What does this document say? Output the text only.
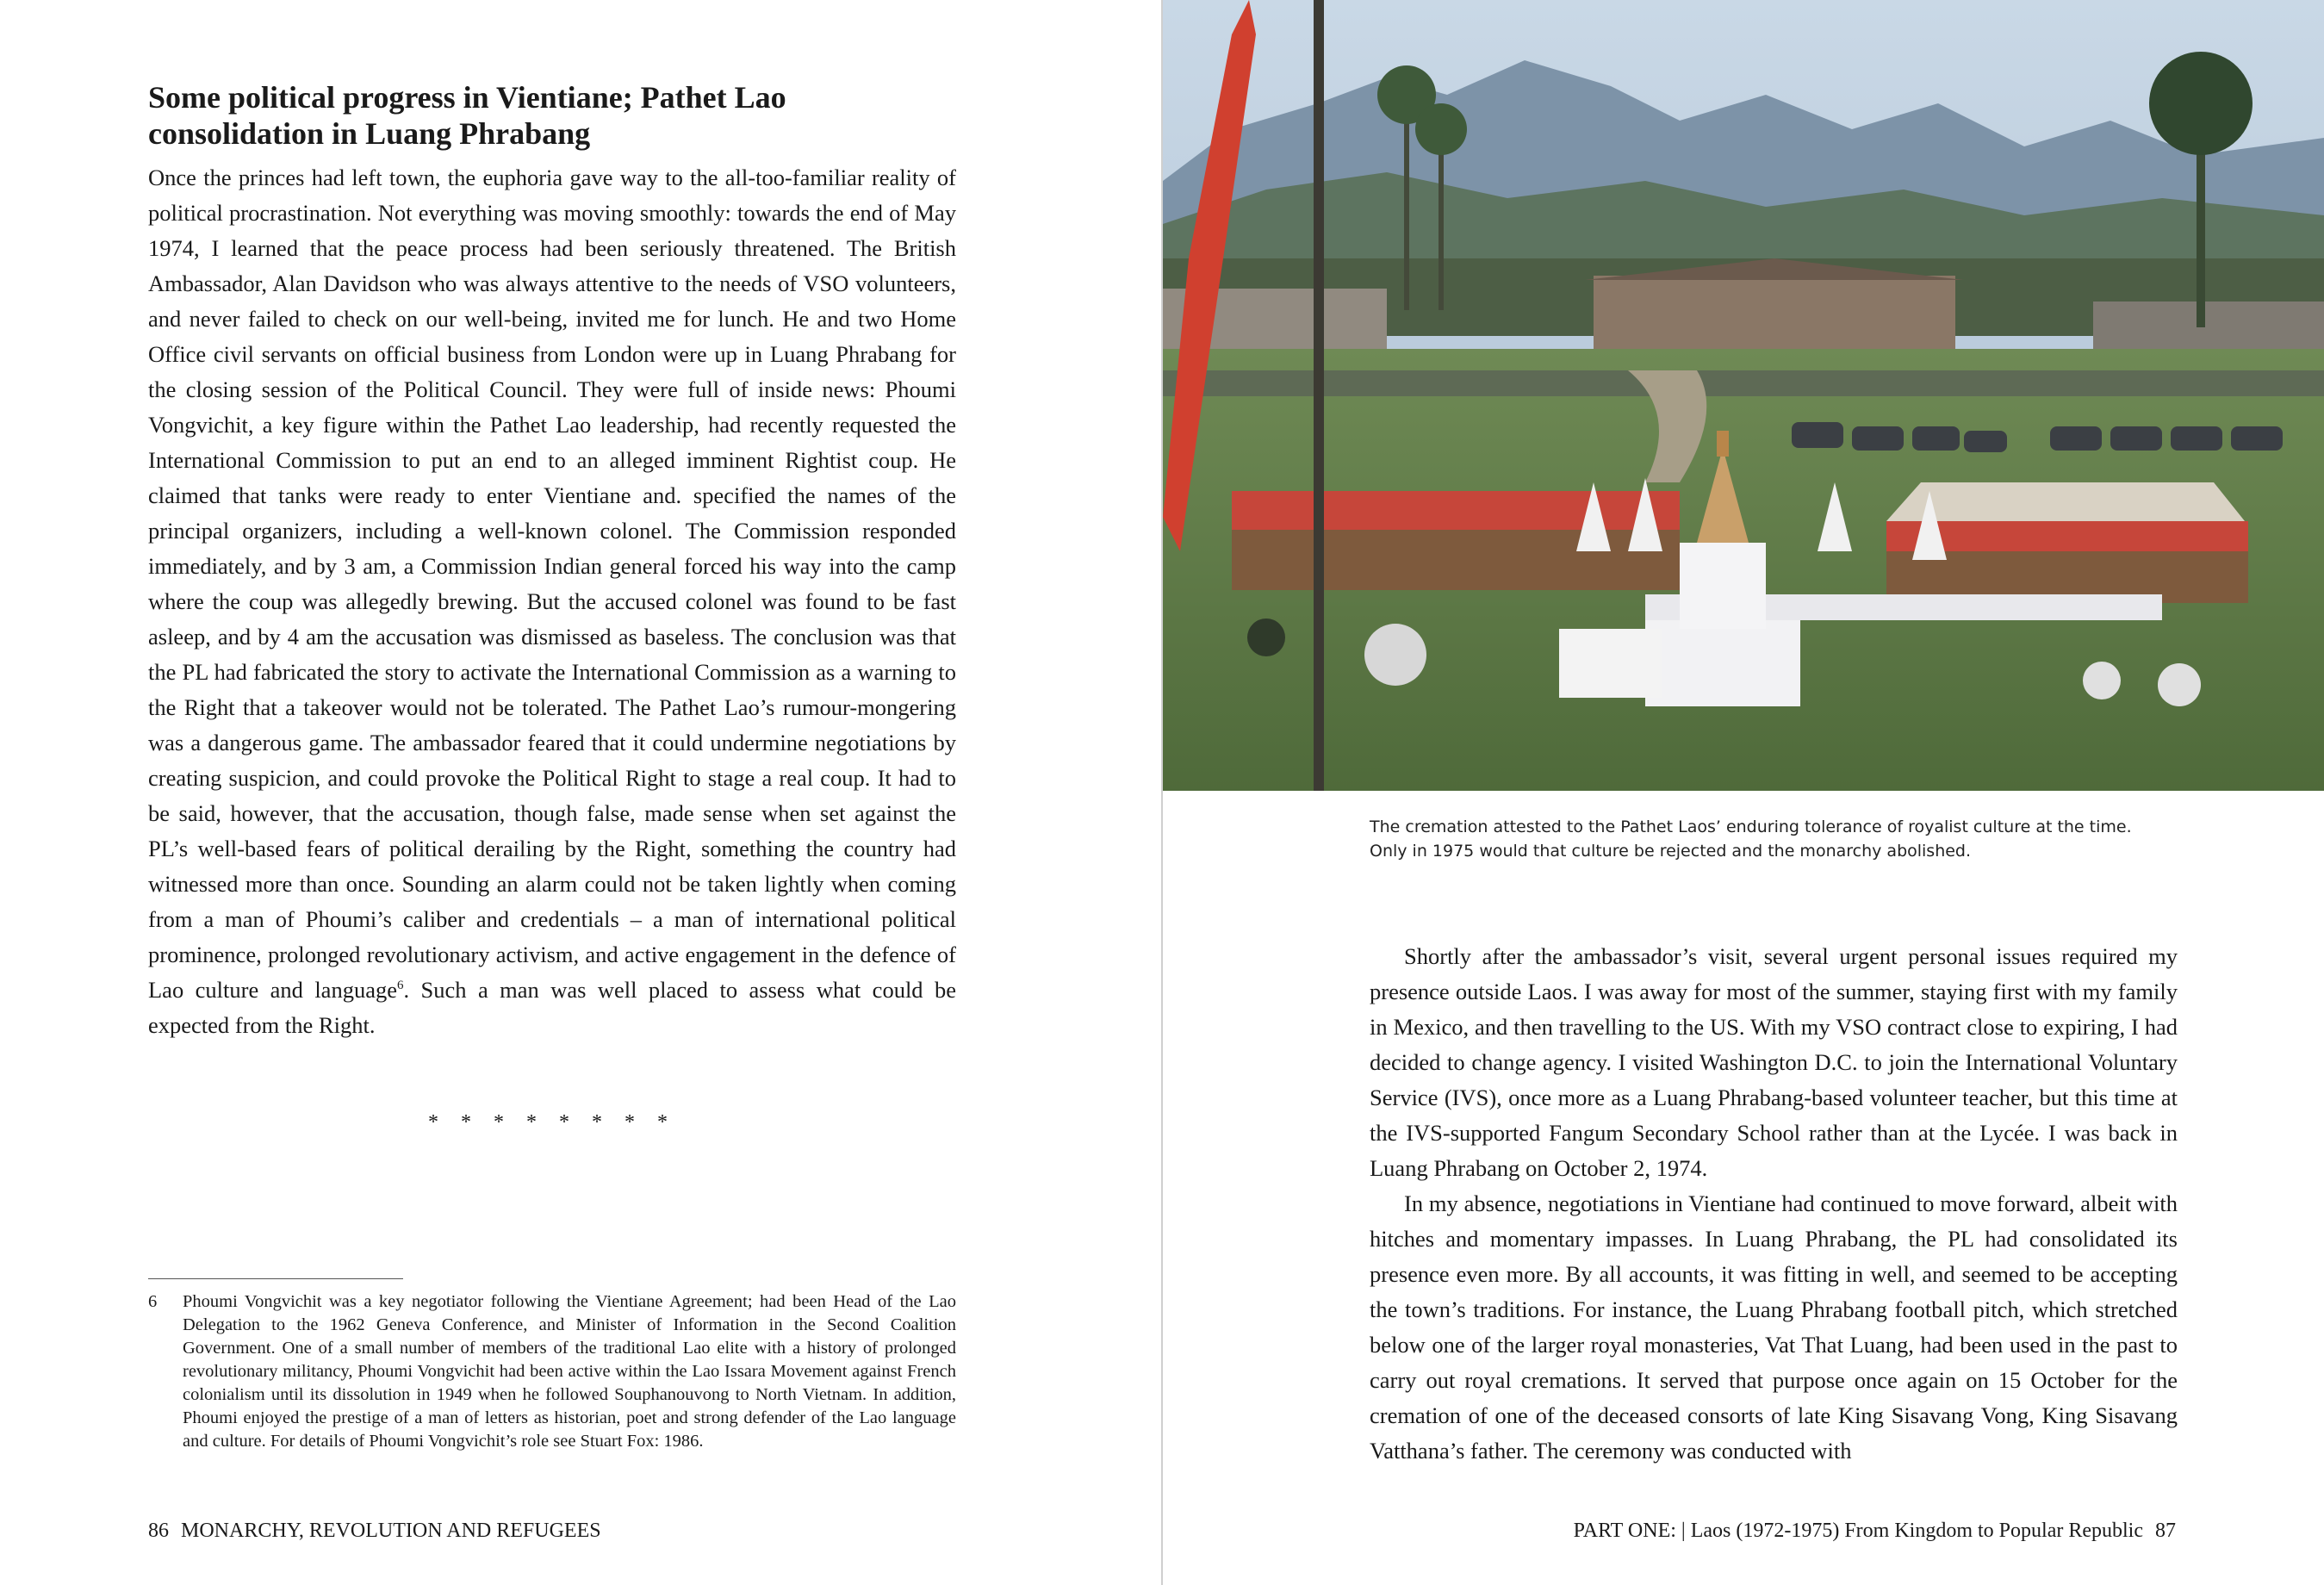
Some political progress in Vientiane; Pathet Lao consolidation in Luang Phrabang

Once the princes had left town, the euphoria gave way to the all-too-familiar reality of political procrastination. Not everything was moving smoothly: towards the end of May 1974, I learned that the peace process had been seriously threatened. The British Ambassador, Alan Davidson who was always attentive to the needs of VSO volunteers, and never failed to check on our well-being, invited me for lunch. He and two Home Office civil servants on official business from London were up in Luang Phrabang for the closing session of the Political Council. They were full of inside news: Phoumi Vongvichit, a key figure within the Pathet Lao leadership, had recently requested the International Commission to put an end to an alleged imminent Rightist coup. He claimed that tanks were ready to enter Vientiane and. specified the names of the principal organizers, including a well-known colonel. The Commission responded immediately, and by 3 am, a Commission Indian general forced his way into the camp where the coup was allegedly brewing. But the accused colonel was found to be fast asleep, and by 4 am the accusation was dismissed as baseless. The conclusion was that the PL had fabricated the story to activate the International Commission as a warning to the Right that a takeover would not be tolerated. The Pathet Lao’s rumour-mongering was a dangerous game. The ambassador feared that it could undermine negotiations by creating suspicion, and could provoke the Political Right to stage a real coup. It had to be said, however, that the accusation, though false, made sense when set against the PL’s well-based fears of political derailing by the Right, something the country had witnessed more than once. Sounding an alarm could not be taken lightly when coming from a man of Phoumi’s caliber and credentials – a man of international political prominence, prolonged revolutionary activism, and active engagement in the defence of Lao culture and language$^6$. Such a man was well placed to assess what could be expected from the Right.

* * * * * * * *
6 Phoumi Vongvichit was a key negotiator following the Vientiane Agreement; had been Head of the Lao Delegation to the 1962 Geneva Conference, and Minister of Information in the Second Coalition Government. One of a small number of members of the traditional Lao elite with a history of prolonged revolutionary militancy, Phoumi Vongvichit had been active within the Lao Issara Movement against French colonialism until its dissolution in 1949 when he followed Souphanouvong to North Vietnam. In addition, Phoumi enjoyed the prestige of a man of letters as historian, poet and strong defender of the Lao language and culture. For details of Phoumi Vongvichit’s role see Stuart Fox: 1986.
86 MONARCHY, REVOLUTION AND REFUGEES
The cremation attested to the Pathet Laos’ enduring tolerance of royalist culture at the time.
Only in 1975 would that culture be rejected and the monarchy abolished.

Shortly after the ambassador’s visit, several urgent personal issues required my presence outside Laos. I was away for most of the summer, staying first with my family in Mexico, and then travelling to the US. With my VSO contract close to expiring, I had decided to change agency. I visited Washington D.C. to join the International Voluntary Service (IVS), once more as a Luang Phrabang-based volunteer teacher, but this time at the IVS-supported Fangum Secondary School rather than at the Lycée. I was back in Luang Phrabang on October 2, 1974.

In my absence, negotiations in Vientiane had continued to move forward, albeit with hitches and momentary impasses. In Luang Phrabang, the PL had consolidated its presence even more. By all accounts, it was fitting in well, and seemed to be accepting the town’s traditions. For instance, the Luang Phrabang football pitch, which stretched below one of the larger royal monasteries, Vat That Luang, had been used in the past to carry out royal cremations. It served that purpose once again on 15 October for the cremation of one of the deceased consorts of late King Sisavang Vong, King Sisavang Vatthana’s father. The ceremony was conducted with

PART ONE: | Laos (1972-1975) From Kingdom to Popular Republic 87
